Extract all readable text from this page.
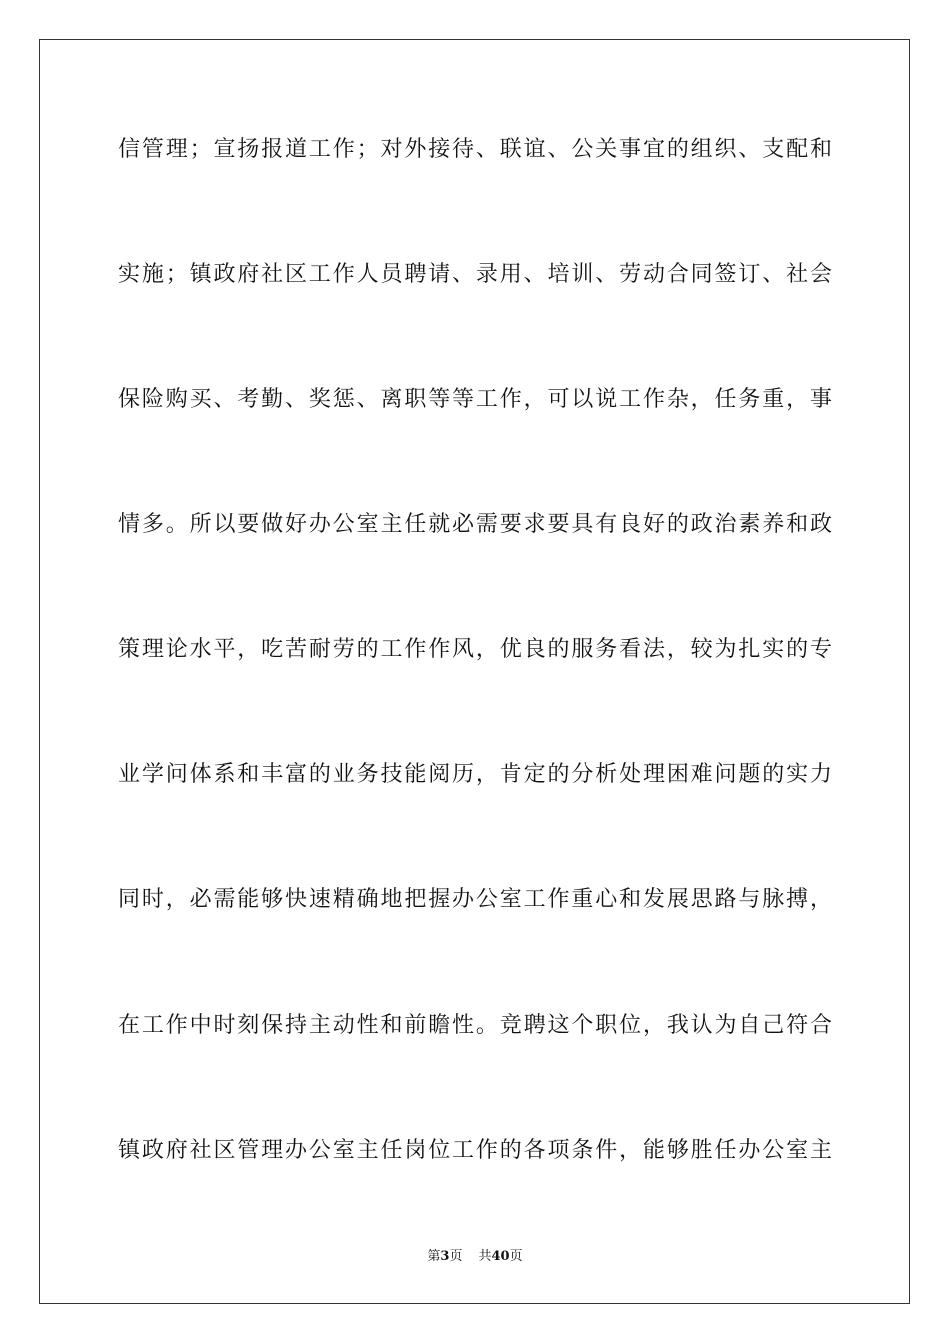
信管理；宣扬报道工作；对外接待、联谊、公关事宜的组织、支配和
实施；镇政府社区工作人员聘请、录用、培训、劳动合同签订、社会
保险购买、考勤、奖惩、离职等等工作，可以说工作杂，任务重，事
情多。所以要做好办公室主任就必需要求要具有良好的政治素养和政
策理论水平，吃苦耐劳的工作作风，优良的服务看法，较为扎实的专
业学问体系和丰富的业务技能阅历，肯定的分析处理困难问题的实力
同时，必需能够快速精确地把握办公室工作重心和发展思路与脉搏，
在工作中时刻保持主动性和前瞻性。竞聘这个职位，我认为自己符合
镇政府社区管理办公室主任岗位工作的各项条件，能够胜任办公室主
第3页 共40页
